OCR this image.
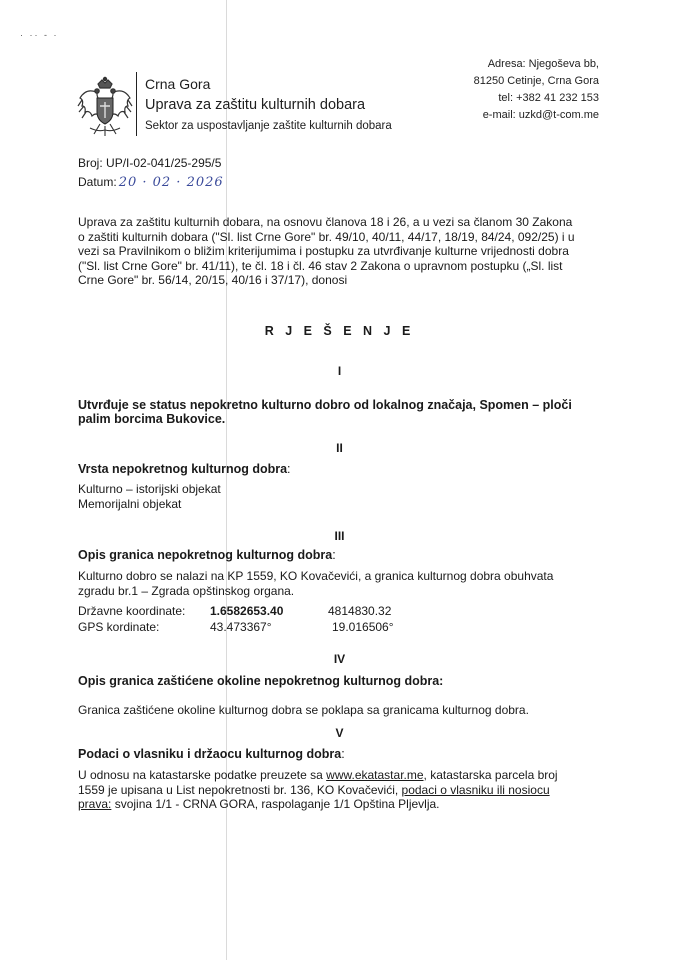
· ·· - ·
Crna Gora
Uprava za zaštitu kulturnih dobara
Sektor za uspostavljanje zaštite kulturnih dobara
Adresa: Njegoševa bb,
81250 Cetinje, Crna Gora
tel: +382 41 232 153
e-mail: uzkd@t-com.me
Broj: UP/I-02-041/25-295/5
Datum: 20 · 02 · 2026
Uprava za zaštitu kulturnih dobara, na osnovu članova 18 i 26, a u vezi sa članom 30 Zakona
o zaštiti kulturnih dobara ("Sl. list Crne Gore" br. 49/10, 40/11, 44/17, 18/19, 84/24, 092/25) i u
vezi sa Pravilnikom o bližim kriterijumima i postupku za utvrđivanje kulturne vrijednosti dobra
("Sl. list Crne Gore" br. 41/11), te čl. 18 i čl. 46 stav 2 Zakona o upravnom postupku („Sl. list
Crne Gore" br. 56/14, 20/15, 40/16 i 37/17), donosi
R J E Š E N J E
I
Utvrđuje se status nepokretno kulturno dobro od lokalnog značaja, Spomen – ploči
palim borcima Bukovice.
II
Vrsta nepokretnog kulturnog dobra:
Kulturno – istorijski objekat
Memorijalni objekat
III
Opis granica nepokretnog kulturnog dobra:
Kulturno dobro se nalazi na KP 1559, KO Kovačevići, a granica kulturnog dobra obuhvata
zgradu br.1 – Zgrada opštinskog organa.
Državne koordinate: 1.6582653.40	4814830.32
GPS kordinate:	43.473367°	19.016506°
IV
Opis granica zaštićene okoline nepokretnog kulturnog dobra:
Granica zaštićene okoline kulturnog dobra se poklapa sa granicama kulturnog dobra.
V
Podaci o vlasniku i držaocu kulturnog dobra:
U odnosu na katastarske podatke preuzete sa www.ekatastar.me, katastarska parcela broj
1559 je upisana u List nepokretnosti br. 136, KO Kovačevići, podaci o vlasniku ili nosiocu
prava: svojina 1/1 - CRNA GORA, raspolaganje 1/1 Opština Pljevlja.
